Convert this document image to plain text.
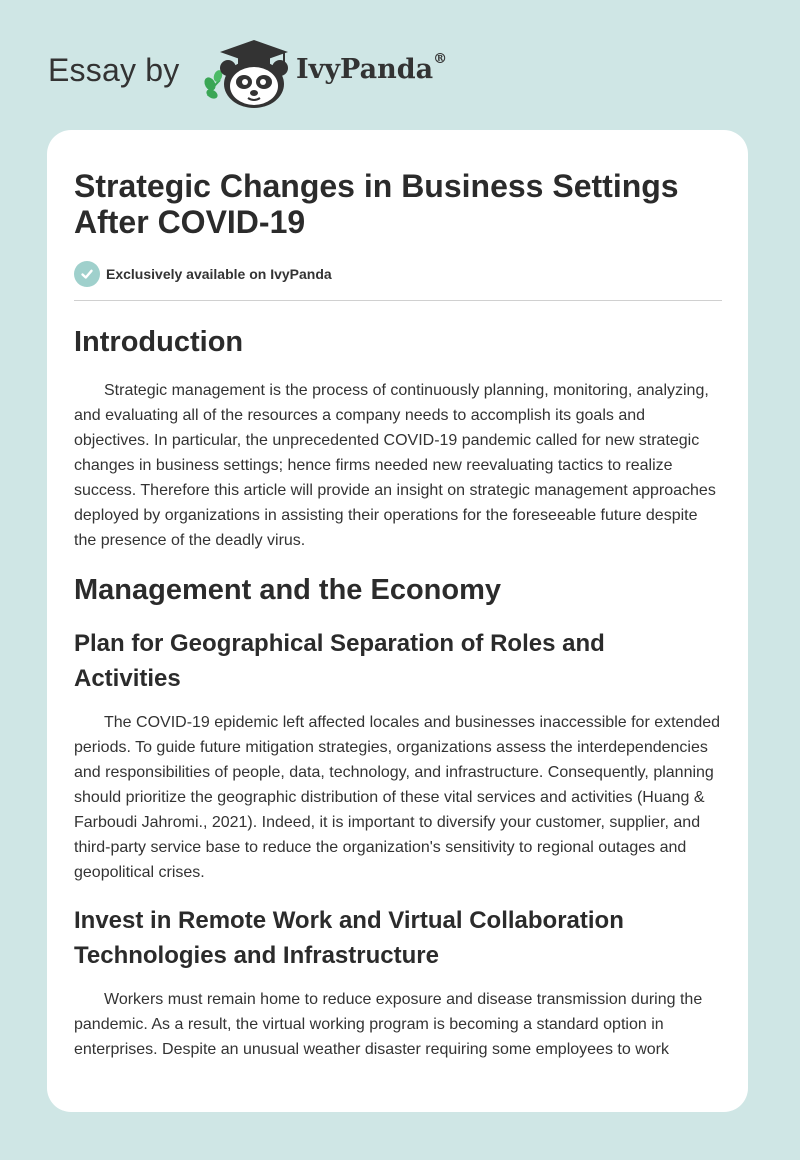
Essay by	IvyPanda®
Strategic Changes in Business Settings After COVID-19
Exclusively available on IvyPanda
Introduction

Strategic management is the process of continuously planning, monitoring, analyzing, and evaluating all of the resources a company needs to accomplish its goals and objectives. In particular, the unprecedented COVID-19 pandemic called for new strategic changes in business settings; hence firms needed new reevaluating tactics to realize success. Therefore this article will provide an insight on strategic management approaches deployed by organizations in assisting their operations for the foreseeable future despite the presence of the deadly virus.

Management and the Economy
Plan for Geographical Separation of Roles and Activities

The COVID-19 epidemic left affected locales and businesses inaccessible for extended periods. To guide future mitigation strategies, organizations assess the interdependencies and responsibilities of people, data, technology, and infrastructure. Consequently, planning should prioritize the geographic distribution of these vital services and activities (Huang & Farboudi Jahromi., 2021). Indeed, it is important to diversify your customer, supplier, and third-party service base to reduce the organization's sensitivity to regional outages and geopolitical crises.

Invest in Remote Work and Virtual Collaboration Technologies and Infrastructure

Workers must remain home to reduce exposure and disease transmission during the pandemic. As a result, the virtual working program is becoming a standard option in enterprises. Despite an unusual weather disaster requiring some employees to work
